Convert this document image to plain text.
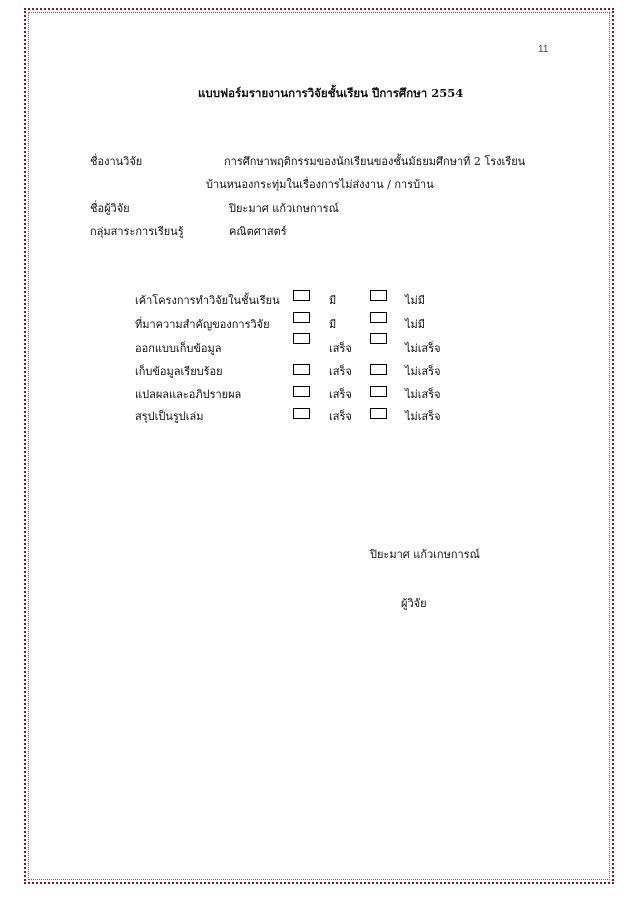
11
แบบฟอร์มรายงานการวิจัยชั้นเรียน ปีการศึกษา 2554
ชื่องานวิจัย	การศึกษาพฤติกรรมของนักเรียนของชั้นมัธยมศึกษาที่ 2 โรงเรียน
บ้านหนองกระทุ่มในเรื่องการไม่ส่งงาน / การบ้าน
ชื่อผู้วิจัย	ปิยะมาศ แก้วเกษการณ์
กลุ่มสาระการเรียนรู้	คณิตศาสตร์
เค้าโครงการทำวิจัยในชั้นเรียน	มี	ไม่มี
ที่มาความสำคัญของการวิจัย	มี	ไม่มี
ออกแบบเก็บข้อมูล	เสร็จ	ไม่เสร็จ
เก็บข้อมูลเรียบร้อย	เสร็จ	ไม่เสร็จ
แปลผลและอภิปรายผล	เสร็จ	ไม่เสร็จ
สรุปเป็นรูปเล่ม	เสร็จ	ไม่เสร็จ
ปิยะมาศ แก้วเกษการณ์
ผู้วิจัย
